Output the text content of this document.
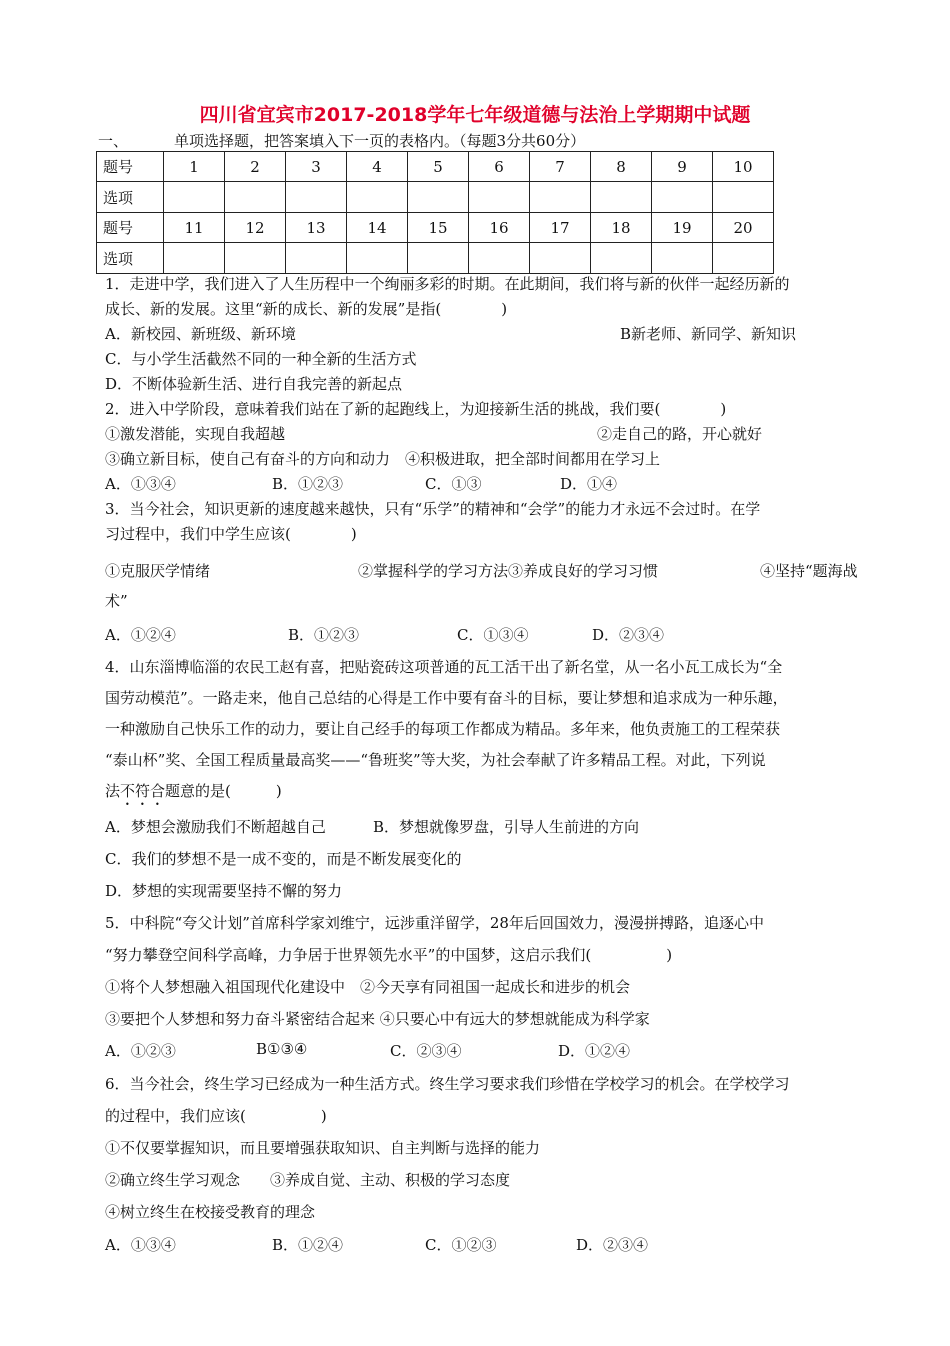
四川省宜宾市2017-2018学年七年级道德与法治上学期期中试题
一、	单项选择题，把答案填入下一页的表格内。（每题3分共60分）
题号	1	2	3	4	5	6	7	8	9	10
选项										
题号	11	12	13	14	15	16	17	18	19	20
选项										
1．走进中学，我们进入了人生历程中一个绚丽多彩的时期。在此期间，我们将与新的伙伴一起经历新的
成长、新的发展。这里“新的成长、新的发展”是指(　　　　)
A．新校园、新班级、新环境	B新老师、新同学、新知识
C．与小学生活截然不同的一种全新的生活方式
D．不断体验新生活、进行自我完善的新起点
2．进入中学阶段，意味着我们站在了新的起跑线上，为迎接新生活的挑战，我们要(　　　　)
①激发潜能，实现自我超越	②走自己的路，开心就好
③确立新目标，使自己有奋斗的方向和动力　④积极进取，把全部时间都用在学习上
A．①③④	B．①②③	C．①③	D．①④
3．当今社会，知识更新的速度越来越快，只有“乐学”的精神和“会学”的能力才永远不会过时。在学
习过程中，我们中学生应该(　　　　)
①克服厌学情绪	②掌握科学的学习方法③养成良好的学习习惯	④坚持“题海战
术”
A．①②④	B．①②③	C．①③④	D．②③④
4．山东淄博临淄的农民工赵有喜，把贴瓷砖这项普通的瓦工活干出了新名堂，从一名小瓦工成长为“全
国劳动模范”。一路走来，他自己总结的心得是工作中要有奋斗的目标，要让梦想和追求成为一种乐趣，
一种激励自己快乐工作的动力，要让自己经手的每项工作都成为精品。多年来，他负责施工的工程荣获
“泰山杯”奖、全国工程质量最高奖——“鲁班奖”等大奖，为社会奉献了许多精品工程。对此，下列说
法不符合题意的是(　　　)
A．梦想会激励我们不断超越自己	B．梦想就像罗盘，引导人生前进的方向
C．我们的梦想不是一成不变的，而是不断发展变化的
D．梦想的实现需要坚持不懈的努力
5．中科院“夸父计划”首席科学家刘维宁，远涉重洋留学，28年后回国效力，漫漫拼搏路，追逐心中
“努力攀登空间科学高峰，力争居于世界领先水平”的中国梦，这启示我们(　　　　　)
①将个人梦想融入祖国现代化建设中　②今天享有同祖国一起成长和进步的机会
③要把个人梦想和努力奋斗紧密结合起来 ④只要心中有远大的梦想就能成为科学家
A．①②③	B①③④	C．②③④	D．①②④
6．当今社会，终生学习已经成为一种生活方式。终生学习要求我们珍惜在学校学习的机会。在学校学习
的过程中，我们应该(　　　　　)
①不仅要掌握知识，而且要增强获取知识、自主判断与选择的能力
②确立终生学习观念　　③养成自觉、主动、积极的学习态度
④树立终生在校接受教育的理念
A．①③④	B．①②④	C．①②③	D．②③④
